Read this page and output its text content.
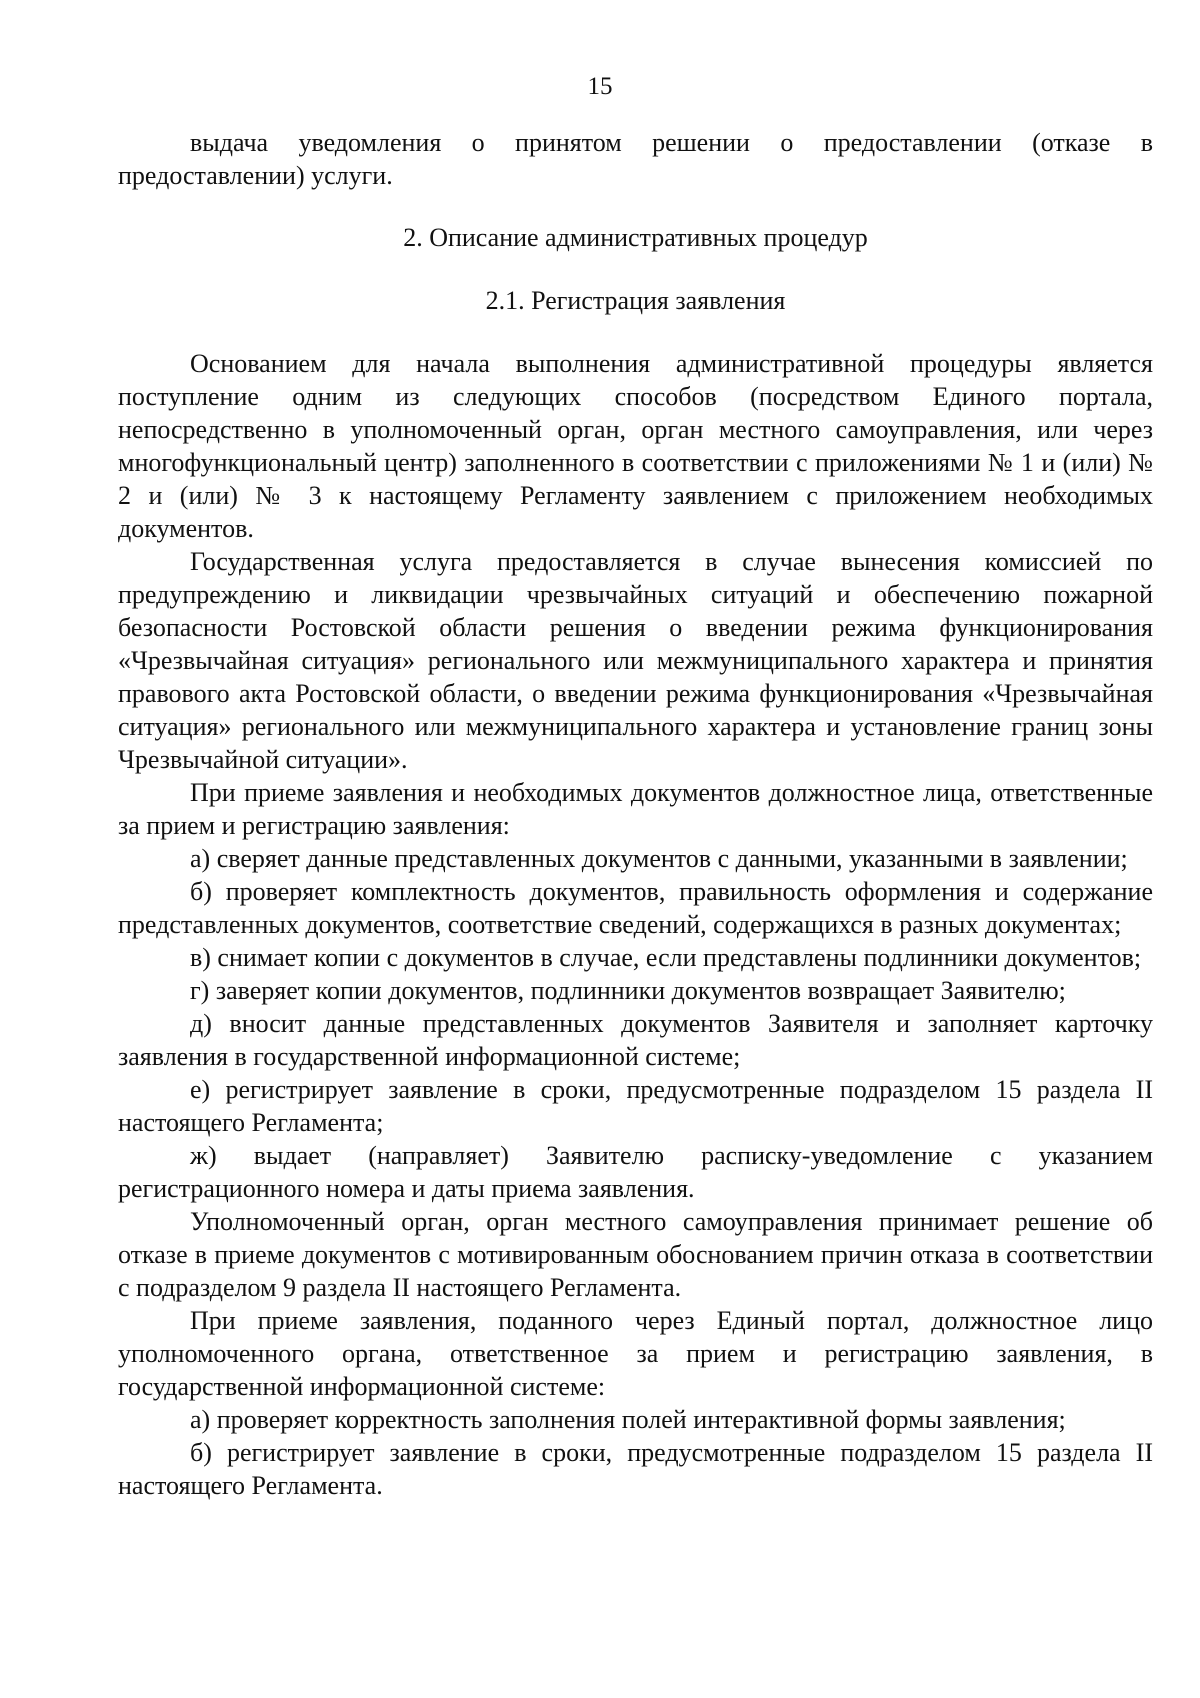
15

выдача уведомления о принятом решении о предоставлении (отказе в предоставлении) услуги.

2. Описание административных процедур

2.1. Регистрация заявления

Основанием для начала выполнения административной процедуры является поступление одним из следующих способов (посредством Единого портала, непосредственно в уполномоченный орган, орган местного самоуправления, или через многофункциональный центр) заполненного в соответствии с приложениями № 1 и (или) № 2 и (или) № 3 к настоящему Регламенту заявлением с приложением необходимых документов.

Государственная услуга предоставляется в случае вынесения комиссией по предупреждению и ликвидации чрезвычайных ситуаций и обеспечению пожарной безопасности Ростовской области решения о введении режима функционирования «Чрезвычайная ситуация» регионального или межмуниципального характера и принятия правового акта Ростовской области, о введении режима функционирования «Чрезвычайная ситуация» регионального или межмуниципального характера и установление границ зоны Чрезвычайной ситуации».

При приеме заявления и необходимых документов должностное лица, ответственные за прием и регистрацию заявления:

а) сверяет данные представленных документов с данными, указанными в заявлении;

б) проверяет комплектность документов, правильность оформления и содержание представленных документов, соответствие сведений, содержащихся в разных документах;

в) снимает копии с документов в случае, если представлены подлинники документов;

г) заверяет копии документов, подлинники документов возвращает Заявителю;

д) вносит данные представленных документов Заявителя и заполняет карточку заявления в государственной информационной системе;

е) регистрирует заявление в сроки, предусмотренные подразделом 15 раздела II настоящего Регламента;

ж) выдает (направляет) Заявителю расписку-уведомление с указанием регистрационного номера и даты приема заявления.

Уполномоченный орган, орган местного самоуправления принимает решение об отказе в приеме документов с мотивированным обоснованием причин отказа в соответствии с подразделом 9 раздела II настоящего Регламента.

При приеме заявления, поданного через Единый портал, должностное лицо уполномоченного органа, ответственное за прием и регистрацию заявления, в государственной информационной системе:

а) проверяет корректность заполнения полей интерактивной формы заявления;

б) регистрирует заявление в сроки, предусмотренные подразделом 15 раздела II настоящего Регламента.
